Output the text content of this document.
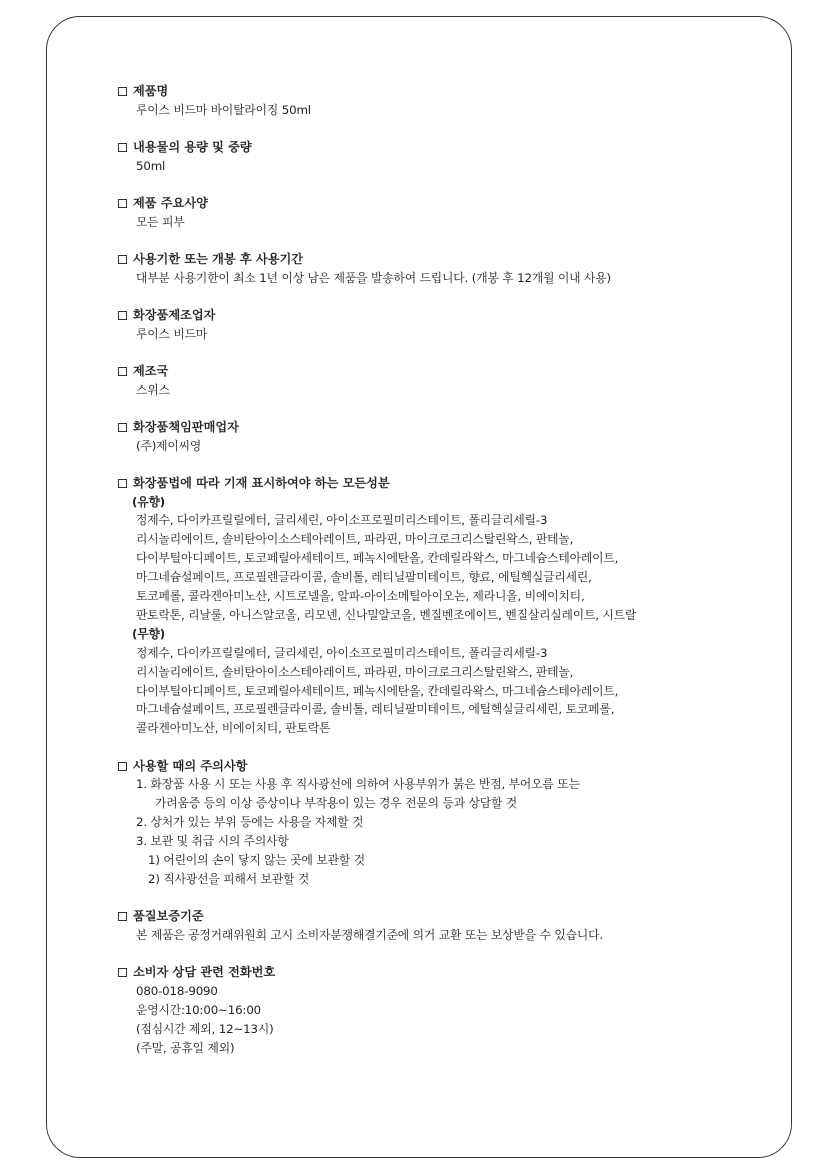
제품명
루이스 비드마 바이탈라이징 50ml
내용물의 용량 및 중량
50ml
제품 주요사양
모든 피부
사용기한 또는 개봉 후 사용기간
대부분 사용기한이 최소 1년 이상 남은 제품을 발송하여 드립니다. (개봉 후 12개월 이내 사용)
화장품제조업자
루이스 비드마
제조국
스위스
화장품책임판매업자
(주)제이씨영
화장품법에 따라 기재 표시하여야 하는 모든성분
(유향)
정제수, 다이카프릴릴에터, 글리세린, 아이소프로필미리스테이트, 폴리글리세릴-3
리시놀리에이트, 솔비탄아이소스테아레이트, 파라핀, 마이크로크리스탈린왁스, 판테놀,
다이부틸아디페이트, 토코페릴아세테이트, 페녹시에탄올, 칸데릴라왁스, 마그네슘스테아레이트,
마그네슘설페이트, 프로필렌글라이콜, 솔비톨, 레티닐팔미테이트, 향료, 에틸헥실글리세린,
토코페롤, 콜라겐아미노산, 시트로넬올, 알파-아이소메틸아이오논, 제라니올, 비에이치티,
판토락톤, 리날룰, 아니스알코올, 리모넨, 신나밀알코올, 벤질벤조에이트, 벤질살리실레이트, 시트랄
(무향)
정제수, 다이카프릴릴에터, 글리세린, 아이소프로필미리스테이트, 폴리글리세릴-3
리시놀리에이트, 솔비탄아이소스테아레이트, 파라핀, 마이크로크리스탈린왁스, 판테놀,
다이부틸아디페이트, 토코페릴아세테이트, 페녹시에탄올, 칸데릴라왁스, 마그네슘스테아레이트,
마그네슘설페이트, 프로필렌글라이콜, 솔비톨, 레티닐팔미테이트, 에틸헥실글리세린, 토코페롤,
콜라겐아미노산, 비에이치티, 판토락톤
사용할 때의 주의사항
1. 화장품 사용 시 또는 사용 후 직사광선에 의하여 사용부위가 붉은 반점, 부어오름 또는
가려움증 등의 이상 증상이나 부작용이 있는 경우 전문의 등과 상담할 것
2. 상처가 있는 부위 등에는 사용을 자제할 것
3. 보관 및 취급 시의 주의사항
1) 어린이의 손이 닿지 않는 곳에 보관할 것
2) 직사광선을 피해서 보관할 것
품질보증기준
본 제품은 공정거래위원회 고시 소비자분쟁해결기준에 의거 교환 또는 보상받을 수 있습니다.
소비자 상담 관련 전화번호
080-018-9090
운영시간:10:00~16:00
(점심시간 제외, 12~13시)
(주말, 공휴일 제외)
